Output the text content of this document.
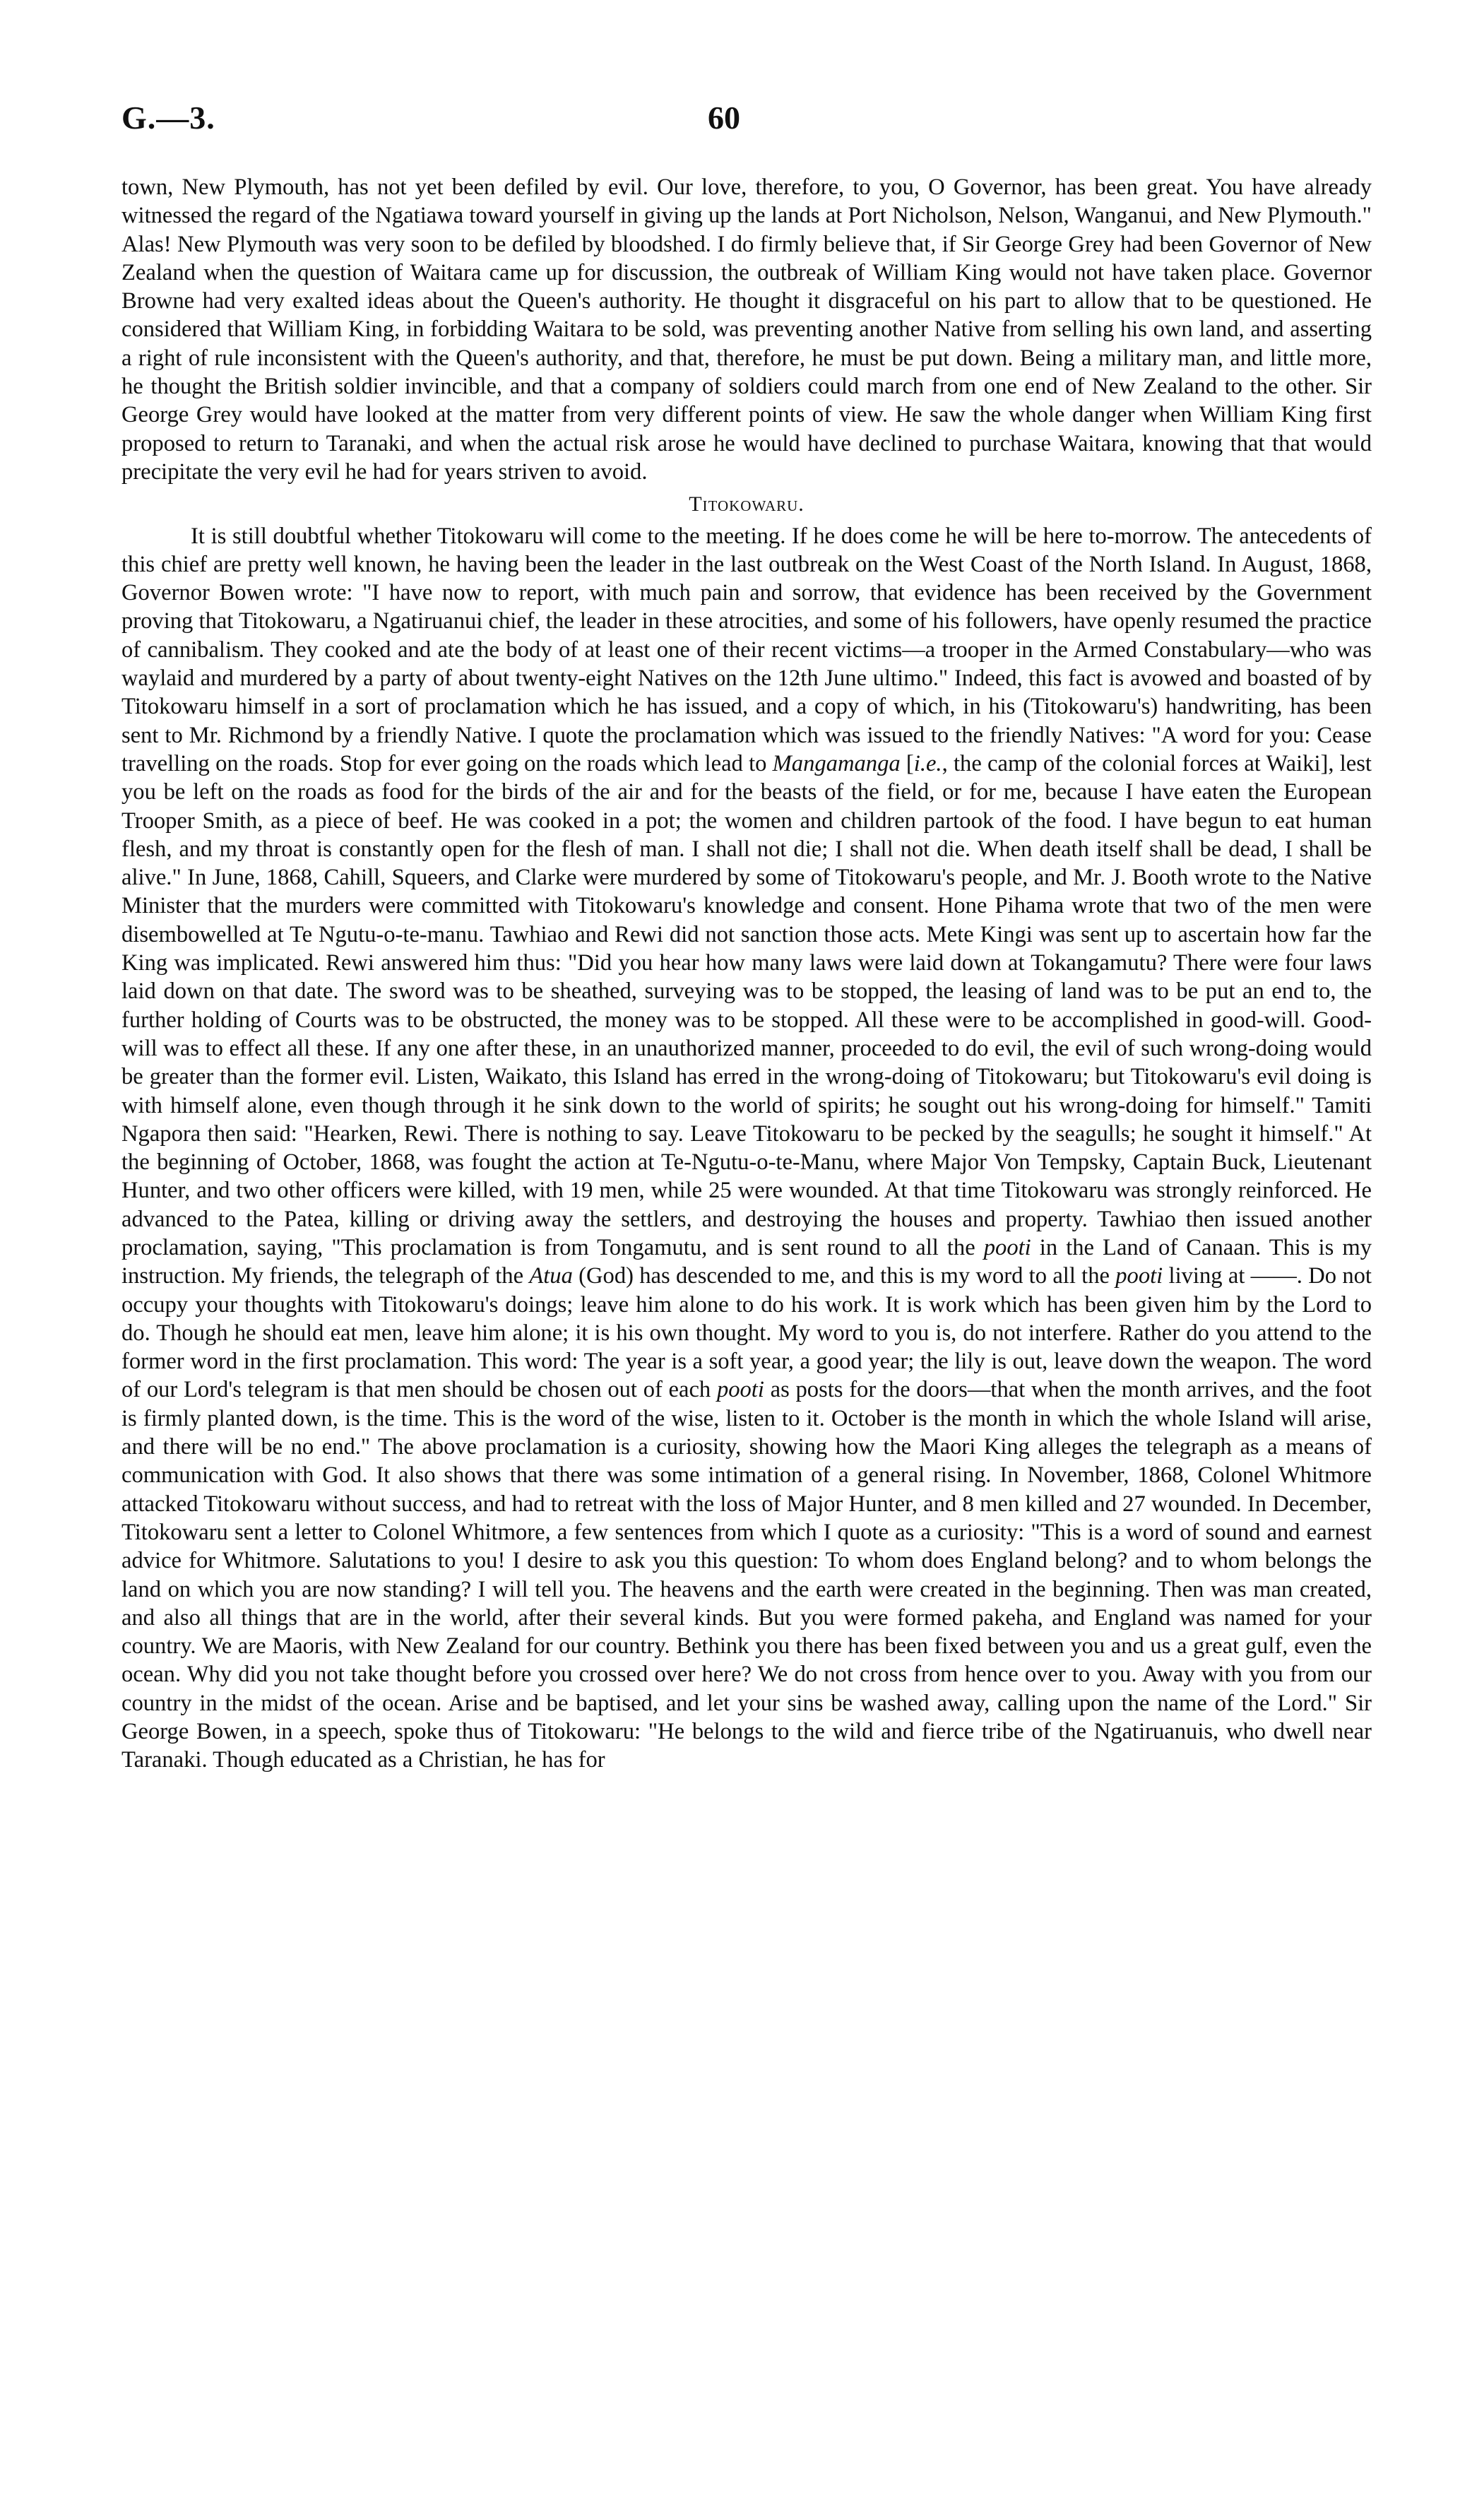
G.—3.	60

town, New Plymouth, has not yet been defiled by evil. Our love, therefore, to you, O Governor, has been great. You have already witnessed the regard of the Ngatiawa toward yourself in giving up the lands at Port Nicholson, Nelson, Wanganui, and New Plymouth." Alas! New Plymouth was very soon to be defiled by bloodshed. I do firmly believe that, if Sir George Grey had been Governor of New Zealand when the question of Waitara came up for discussion, the outbreak of William King would not have taken place. Governor Browne had very exalted ideas about the Queen's authority. He thought it disgraceful on his part to allow that to be questioned. He considered that William King, in forbidding Waitara to be sold, was preventing another Native from selling his own land, and asserting a right of rule inconsistent with the Queen's authority, and that, therefore, he must be put down. Being a military man, and little more, he thought the British soldier invincible, and that a company of soldiers could march from one end of New Zealand to the other. Sir George Grey would have looked at the matter from very different points of view. He saw the whole danger when William King first proposed to return to Taranaki, and when the actual risk arose he would have declined to purchase Waitara, knowing that that would precipitate the very evil he had for years striven to avoid.

Titokowaru.

It is still doubtful whether Titokowaru will come to the meeting. If he does come he will be here to-morrow. The antecedents of this chief are pretty well known, he having been the leader in the last outbreak on the West Coast of the North Island. In August, 1868, Governor Bowen wrote: "I have now to report, with much pain and sorrow, that evidence has been received by the Government proving that Titokowaru, a Ngatiruanui chief, the leader in these atrocities, and some of his followers, have openly resumed the practice of cannibalism. They cooked and ate the body of at least one of their recent victims—a trooper in the Armed Constabulary—who was waylaid and murdered by a party of about twenty-eight Natives on the 12th June ultimo." Indeed, this fact is avowed and boasted of by Titokowaru himself in a sort of proclamation which he has issued, and a copy of which, in his (Titokowaru's) handwriting, has been sent to Mr. Richmond by a friendly Native. I quote the proclamation which was issued to the friendly Natives: "A word for you: Cease travelling on the roads. Stop for ever going on the roads which lead to Mangamanga [i.e., the camp of the colonial forces at Waiki], lest you be left on the roads as food for the birds of the air and for the beasts of the field, or for me, because I have eaten the European Trooper Smith, as a piece of beef. He was cooked in a pot; the women and children partook of the food. I have begun to eat human flesh, and my throat is constantly open for the flesh of man. I shall not die; I shall not die. When death itself shall be dead, I shall be alive." In June, 1868, Cahill, Squeers, and Clarke were murdered by some of Titokowaru's people, and Mr. J. Booth wrote to the Native Minister that the murders were committed with Titokowaru's knowledge and consent. Hone Pihama wrote that two of the men were disembowelled at Te Ngutu-o-te-manu. Tawhiao and Rewi did not sanction those acts. Mete Kingi was sent up to ascertain how far the King was implicated. Rewi answered him thus: "Did you hear how many laws were laid down at Tokangamutu? There were four laws laid down on that date. The sword was to be sheathed, surveying was to be stopped, the leasing of land was to be put an end to, the further holding of Courts was to be obstructed, the money was to be stopped. All these were to be accomplished in good-will. Good-will was to effect all these. If any one after these, in an unauthorized manner, proceeded to do evil, the evil of such wrong-doing would be greater than the former evil. Listen, Waikato, this Island has erred in the wrong-doing of Titokowaru; but Titokowaru's evil doing is with himself alone, even though through it he sink down to the world of spirits; he sought out his wrong-doing for himself." Tamiti Ngapora then said: "Hearken, Rewi. There is nothing to say. Leave Titokowaru to be pecked by the seagulls; he sought it himself." At the beginning of October, 1868, was fought the action at Te-Ngutu-o-te-Manu, where Major Von Tempsky, Captain Buck, Lieutenant Hunter, and two other officers were killed, with 19 men, while 25 were wounded. At that time Titokowaru was strongly reinforced. He advanced to the Patea, killing or driving away the settlers, and destroying the houses and property. Tawhiao then issued another proclamation, saying, "This proclamation is from Tongamutu, and is sent round to all the pooti in the Land of Canaan. This is my instruction. My friends, the telegraph of the Atua (God) has descended to me, and this is my word to all the pooti living at ——. Do not occupy your thoughts with Titokowaru's doings; leave him alone to do his work. It is work which has been given him by the Lord to do. Though he should eat men, leave him alone; it is his own thought. My word to you is, do not interfere. Rather do you attend to the former word in the first proclamation. This word: The year is a soft year, a good year; the lily is out, leave down the weapon. The word of our Lord's telegram is that men should be chosen out of each pooti as posts for the doors—that when the month arrives, and the foot is firmly planted down, is the time. This is the word of the wise, listen to it. October is the month in which the whole Island will arise, and there will be no end." The above proclamation is a curiosity, showing how the Maori King alleges the telegraph as a means of communication with God. It also shows that there was some intimation of a general rising. In November, 1868, Colonel Whitmore attacked Titokowaru without success, and had to retreat with the loss of Major Hunter, and 8 men killed and 27 wounded. In December, Titokowaru sent a letter to Colonel Whitmore, a few sentences from which I quote as a curiosity: "This is a word of sound and earnest advice for Whitmore. Salutations to you! I desire to ask you this question: To whom does England belong? and to whom belongs the land on which you are now standing? I will tell you. The heavens and the earth were created in the beginning. Then was man created, and also all things that are in the world, after their several kinds. But you were formed pakeha, and England was named for your country. We are Maoris, with New Zealand for our country. Bethink you there has been fixed between you and us a great gulf, even the ocean. Why did you not take thought before you crossed over here? We do not cross from hence over to you. Away with you from our country in the midst of the ocean. Arise and be baptised, and let your sins be washed away, calling upon the name of the Lord." Sir George Bowen, in a speech, spoke thus of Titokowaru: "He belongs to the wild and fierce tribe of the Ngatiruanuis, who dwell near Taranaki. Though educated as a Christian, he has for
